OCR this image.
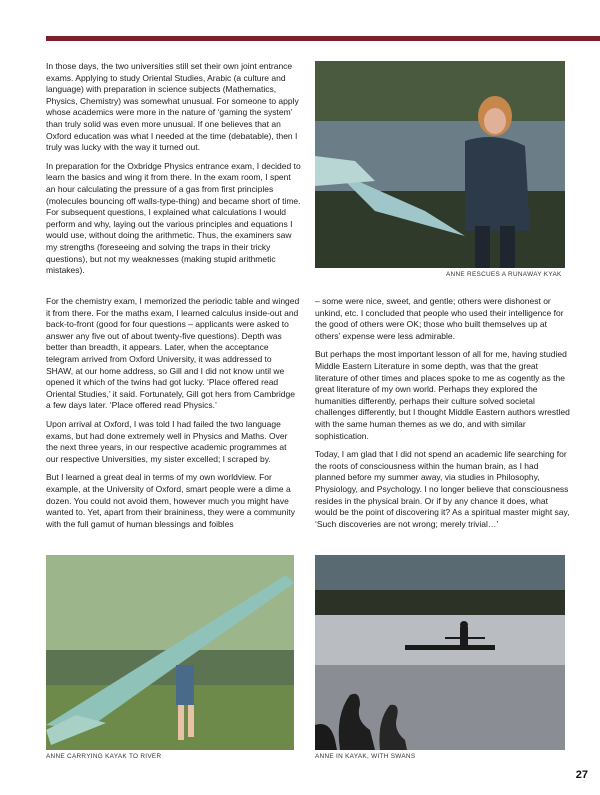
In those days, the two universities still set their own joint entrance exams. Applying to study Oriental Studies, Arabic (a culture and language) with preparation in science subjects (Mathematics, Physics, Chemistry) was somewhat unusual. For someone to apply whose academics were more in the nature of ‘gaming the system’ than truly solid was even more unusual. If one believes that an Oxford education was what I needed at the time (debatable), then I truly was lucky with the way it turned out.

In preparation for the Oxbridge Physics entrance exam, I decided to learn the basics and wing it from there. In the exam room, I spent an hour calculating the pressure of a gas from first principles (molecules bouncing off walls-type-thing) and became short of time. For subsequent questions, I explained what calculations I would perform and why, laying out the various principles and equations I would use, without doing the arithmetic. Thus, the examiners saw my strengths (foreseeing and solving the traps in their tricky questions), but not my weaknesses (making stupid arithmetic mistakes).	ANNE RESCUES A RUNAWAY KYAK

For the chemistry exam, I memorized the periodic table and winged it from there. For the maths exam, I learned calculus inside-out and back-to-front (good for four questions – applicants were asked to answer any five out of about twenty-five questions). Depth was better than breadth, it appears. Later, when the acceptance telegram arrived from Oxford University, it was addressed to SHAW, at our home address, so Gill and I did not know until we opened it which of the twins had got lucky. ‘Place offered read Oriental Studies,’ it said. Fortunately, Gill got hers from Cambridge a few days later. ‘Place offered read Physics.’

Upon arrival at Oxford, I was told I had failed the two language exams, but had done extremely well in Physics and Maths. Over the next three years, in our respective academic programmes at our respective Universities, my sister excelled; I scraped by.

But I learned a great deal in terms of my own worldview. For example, at the University of Oxford, smart people were a dime a dozen. You could not avoid them, however much you might have wanted to. Yet, apart from their braininess, they were a community with the full gamut of human blessings and foibles

– some were nice, sweet, and gentle; others were dishonest or unkind, etc. I concluded that people who used their intelligence for the good of others were OK; those who built themselves up at others’ expense were less admirable.

But perhaps the most important lesson of all for me, having studied Middle Eastern Literature in some depth, was that the great literature of other times and places spoke to me as cogently as the great literature of my own world. Perhaps they explored the humanities differently, perhaps their culture solved societal challenges differently, but I thought Middle Eastern authors wrestled with the same human themes as we do, and with similar sophistication.

Today, I am glad that I did not spend an academic life searching for the roots of consciousness within the human brain, as I had planned before my summer away, via studies in Philosophy, Physiology, and Psychology. I no longer believe that consciousness resides in the physical brain. Or if by any chance it does, what would be the point of discovering it? As a spiritual master might say, ‘Such discoveries are not wrong; merely trivial…’

ANNE CARRYING KAYAK TO RIVER	ANNE IN KAYAK, WITH SWANS
27
